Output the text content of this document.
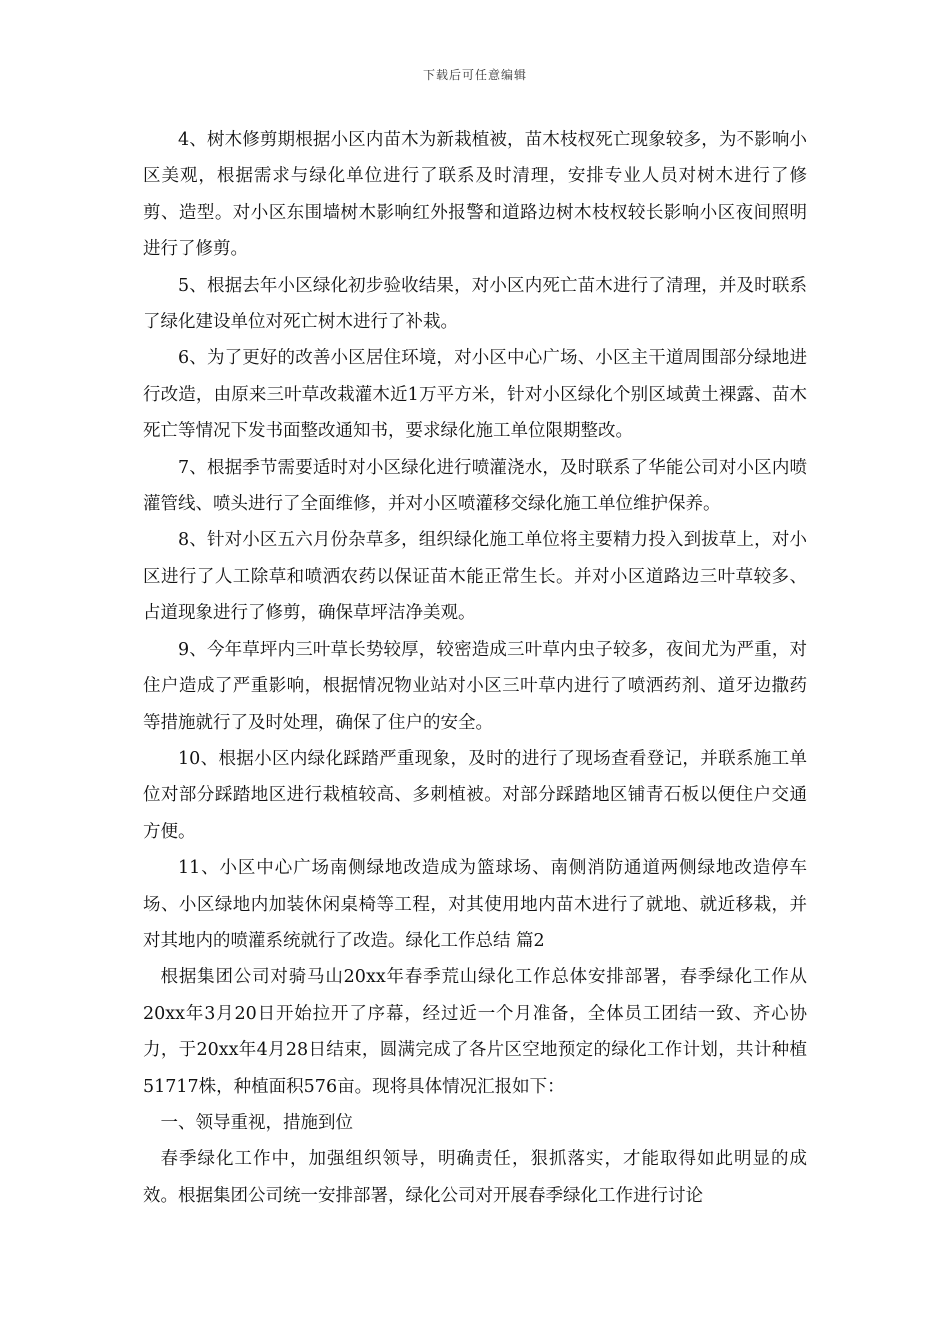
下载后可任意编辑

4、树木修剪期根据小区内苗木为新栽植被，苗木枝杈死亡现象较多，为不影响小区美观，根据需求与绿化单位进行了联系及时清理，安排专业人员对树木进行了修剪、造型。对小区东围墙树木影响红外报警和道路边树木枝杈较长影响小区夜间照明进行了修剪。

5、根据去年小区绿化初步验收结果，对小区内死亡苗木进行了清理，并及时联系了绿化建设单位对死亡树木进行了补栽。

6、为了更好的改善小区居住环境，对小区中心广场、小区主干道周围部分绿地进行改造，由原来三叶草改栽灌木近1万平方米，针对小区绿化个别区域黄土裸露、苗木死亡等情况下发书面整改通知书，要求绿化施工单位限期整改。

7、根据季节需要适时对小区绿化进行喷灌浇水，及时联系了华能公司对小区内喷灌管线、喷头进行了全面维修，并对小区喷灌移交绿化施工单位维护保养。

8、针对小区五六月份杂草多，组织绿化施工单位将主要精力投入到拔草上，对小区进行了人工除草和喷洒农药以保证苗木能正常生长。并对小区道路边三叶草较多、占道现象进行了修剪，确保草坪洁净美观。

9、今年草坪内三叶草长势较厚，较密造成三叶草内虫子较多，夜间尤为严重，对住户造成了严重影响，根据情况物业站对小区三叶草内进行了喷洒药剂、道牙边撒药等措施就行了及时处理，确保了住户的安全。

10、根据小区内绿化踩踏严重现象，及时的进行了现场查看登记，并联系施工单位对部分踩踏地区进行栽植较高、多刺植被。对部分踩踏地区铺青石板以便住户交通方便。

11、小区中心广场南侧绿地改造成为篮球场、南侧消防通道两侧绿地改造停车场、小区绿地内加装休闲桌椅等工程，对其使用地内苗木进行了就地、就近移栽，并对其地内的喷灌系统就行了改造。绿化工作总结 篇2

根据集团公司对骑马山20xx年春季荒山绿化工作总体安排部署，春季绿化工作从20xx年3月20日开始拉开了序幕，经过近一个月准备，全体员工团结一致、齐心协力，于20xx年4月28日结束，圆满完成了各片区空地预定的绿化工作计划，共计种植51717株，种植面积576亩。现将具体情况汇报如下：

一、领导重视，措施到位

春季绿化工作中，加强组织领导，明确责任，狠抓落实，才能取得如此明显的成效。根据集团公司统一安排部署，绿化公司对开展春季绿化工作进行讨论
